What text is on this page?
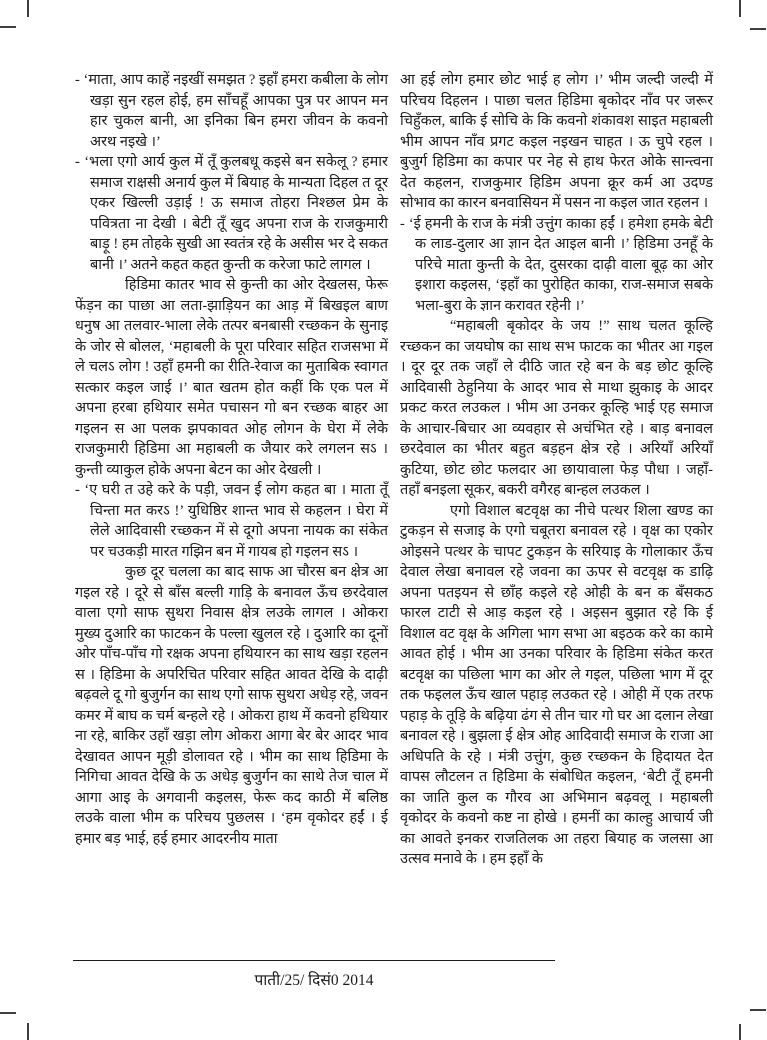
- ‘माता, आप काहें नइखीं समझत ? इहाँ हमरा कबीला के लोग खड़ा सुन रहल होई, हम साँचहूँ आपका पुत्र पर आपन मन हार चुकल बानी, आ इनिका बिन हमरा जीवन के कवनो अरथ नइखे ।’

- ‘भला एगो आर्य कुल में तूँ कुलबधू कइसे बन सकेलू ? हमार समाज राक्षसी अनार्य कुल में बियाह के मान्यता दिहल त दूर एकर खिल्ली उड़ाई ! ऊ समाज तोहरा निश्छल प्रेम के पवित्रता ना देखी । बेटी तूँ खुद अपना राज के राजकुमारी बाड़ू ! हम तोहके सुखी आ स्वतंत्र रहे के असीस भर दे सकत बानी ।’ अतने कहत कहत कुन्ती क करेजा फाटे लागल ।

हिडिमा कातर भाव से कुन्ती का ओर देखलस, फेरू फेंड़न का पाछा आ लता-झाड़ियन का आड़ में बिखइल बाण धनुष आ तलवार-भाला लेके तत्पर बनबासी रच्छकन के सुनाइ के जोर से बोलल, ‘महाबली के पूरा परिवार सहित राजसभा में ले चलऽ लोग ! उहाँ हमनी का रीति-रेवाज का मुताबिक स्वागत सत्कार कइल जाई ।’ बात खतम होत कहीं कि एक पल में अपना हरबा हथियार समेत पचासन गो बन रच्छक बाहर आ गइलन स आ पलक झपकावत ओह लोगन के घेरा में लेके राजकुमारी हिडिमा आ महाबली क जैयार करे लगलन सऽ । कुन्ती व्याकुल होके अपना बेटन का ओर देखली ।

- ‘ए घरी त उहे करे के पड़ी, जवन ई लोग कहत बा । माता तूँ चिन्ता मत करऽ !’ युधिष्ठिर शान्त भाव से कहलन । घेरा में लेले आदिवासी रच्छकन में से दूगो अपना नायक का संकेत पर चउकड़ी मारत गझिन बन में गायब हो गइलन सऽ ।

कुछ दूर चलला का बाद साफ आ चौरस बन क्षेत्र आ गइल रहे । दूरे से बाँस बल्ली गाड़ि के बनावल ऊँच छरदेवाल वाला एगो साफ सुथरा निवास क्षेत्र लउके लागल । ओकरा मुख्य दुआरि का फाटकन के पल्ला खुलल रहे । दुआरि का दूनों ओर पाँच-पाँच गो रक्षक अपना हथियारन का साथ खड़ा रहलन स । हिडिमा के अपरिचित परिवार सहित आवत देखि के दाढ़ी बढ़वले दू गो बुजुर्गन का साथ एगो साफ सुथरा अधेड़ रहे, जवन कमर में बाघ क चर्म बन्हले रहे । ओकरा हाथ में कवनो हथियार ना रहे, बाकिर उहाँ खड़ा लोग ओकरा आगा बेर बेर आदर भाव देखावत आपन मूड़ी डोलावत रहे । भीम का साथ हिडिमा के निगिचा आवत देखि के ऊ अधेड़ बुजुर्गन का साथे तेज चाल में आगा आइ के अगवानी कइलस, फेरू कद काठी में बलिष्ठ लउके वाला भीम क परिचय पुछलस । ‘हम वृकोदर हईं । ई हमार बड़ भाई, हई हमार आदरनीय माता

आ हई लोग हमार छोट भाई ह लोग ।’ भीम जल्दी जल्दी में परिचय दिहलन । पाछा चलत हिडिमा बृकोदर नाँव पर जरूर चिहुँकल, बाकि ई सोचि के कि कवनो शंकावश साइत महाबली भीम आपन नाँव प्रगट कइल नइखन चाहत । ऊ चुपे रहल । बुजुर्ग हिडिमा का कपार पर नेह से हाथ फेरत ओके सान्त्वना देत कहलन, राजकुमार हिडिम अपना क्रूर कर्म आ उदण्ड सोभाव का कारन बनवासियन में पसन ना कइल जात रहलन ।

- ‘ई हमनी के राज के मंत्री उत्तुंग काका हईं । हमेशा हमके बेटी क लाड-दुलार आ ज्ञान देत आइल बानी ।’ हिडिमा उनहूँ के परिचे माता कुन्ती के देत, दुसरका दाढ़ी वाला बूढ़ का ओर इशारा कइलस, ‘इहाँ का पुरोहित काका, राज-समाज सबके भला-बुरा के ज्ञान करावत रहेनी ।’

“महाबली बृकोदर के जय !” साथ चलत कूल्हि रच्छकन का जयघोष का साथ सभ फाटक का भीतर आ गइल । दूर दूर तक जहाँ ले दीठि जात रहे बन के बड़ छोट कूल्हि आदिवासी ठेहुनिया के आदर भाव से माथा झुकाइ के आदर प्रकट करत लउकल । भीम आ उनकर कूल्हि भाई एह समाज के आचार-बिचार आ व्यवहार से अचंभित रहे । बाड़ बनावल छरदेवाल का भीतर बहुत बड़हन क्षेत्र रहे । अरियाँ अरियाँ कुटिया, छोट छोट फलदार आ छायावाला फेड़ पौधा । जहाँ-तहाँ बनइला सूकर, बकरी वगैरह बान्हल लउकल ।

एगो विशाल बटवृक्ष का नीचे पत्थर शिला खण्ड का टुकड़न से सजाइ के एगो चबूतरा बनावल रहे । वृक्ष का एकोर ओइसने पत्थर के चापट टुकड़न के सरियाइ के गोलाकार ऊँच देवाल लेखा बनावल रहे जवना का ऊपर से वटवृक्ष क डाढ़ि अपना पतइयन से छाँह कइले रहे ओही के बन क बँसकठ फारल टाटी से आड़ कइल रहे । अइसन बुझात रहे कि ई विशाल वट वृक्ष के अगिला भाग सभा आ बइठक करे का कामे आवत होई । भीम आ उनका परिवार के हिडिमा संकेत करत बटवृक्ष का पछिला भाग का ओर ले गइल, पछिला भाग में दूर तक फइलल ऊँच खाल पहाड़ लउकत रहे । ओही में एक तरफ पहाड़ के तूड़ि के बढ़िया ढंग से तीन चार गो घर आ दलान लेखा बनावल रहे । बुझला ई क्षेत्र ओह आदिवादी समाज के राजा आ अधिपति के रहे । मंत्री उत्तुंग, कुछ रच्छकन के हिदायत देत वापस लौटलन त हिडिमा के संबोधित कइलन, ‘बेटी तूँ हमनी का जाति कुल क गौरव आ अभिमान बढ़वलू । महाबली वृकोदर के कवनो कष्ट ना होखे । हमनीं का काल्हु आचार्य जी का आवते इनकर राजतिलक आ तहरा बियाह क जलसा आ उत्सव मनावे के । हम इहाँ के

पाती/25/ दिसं0 2014
